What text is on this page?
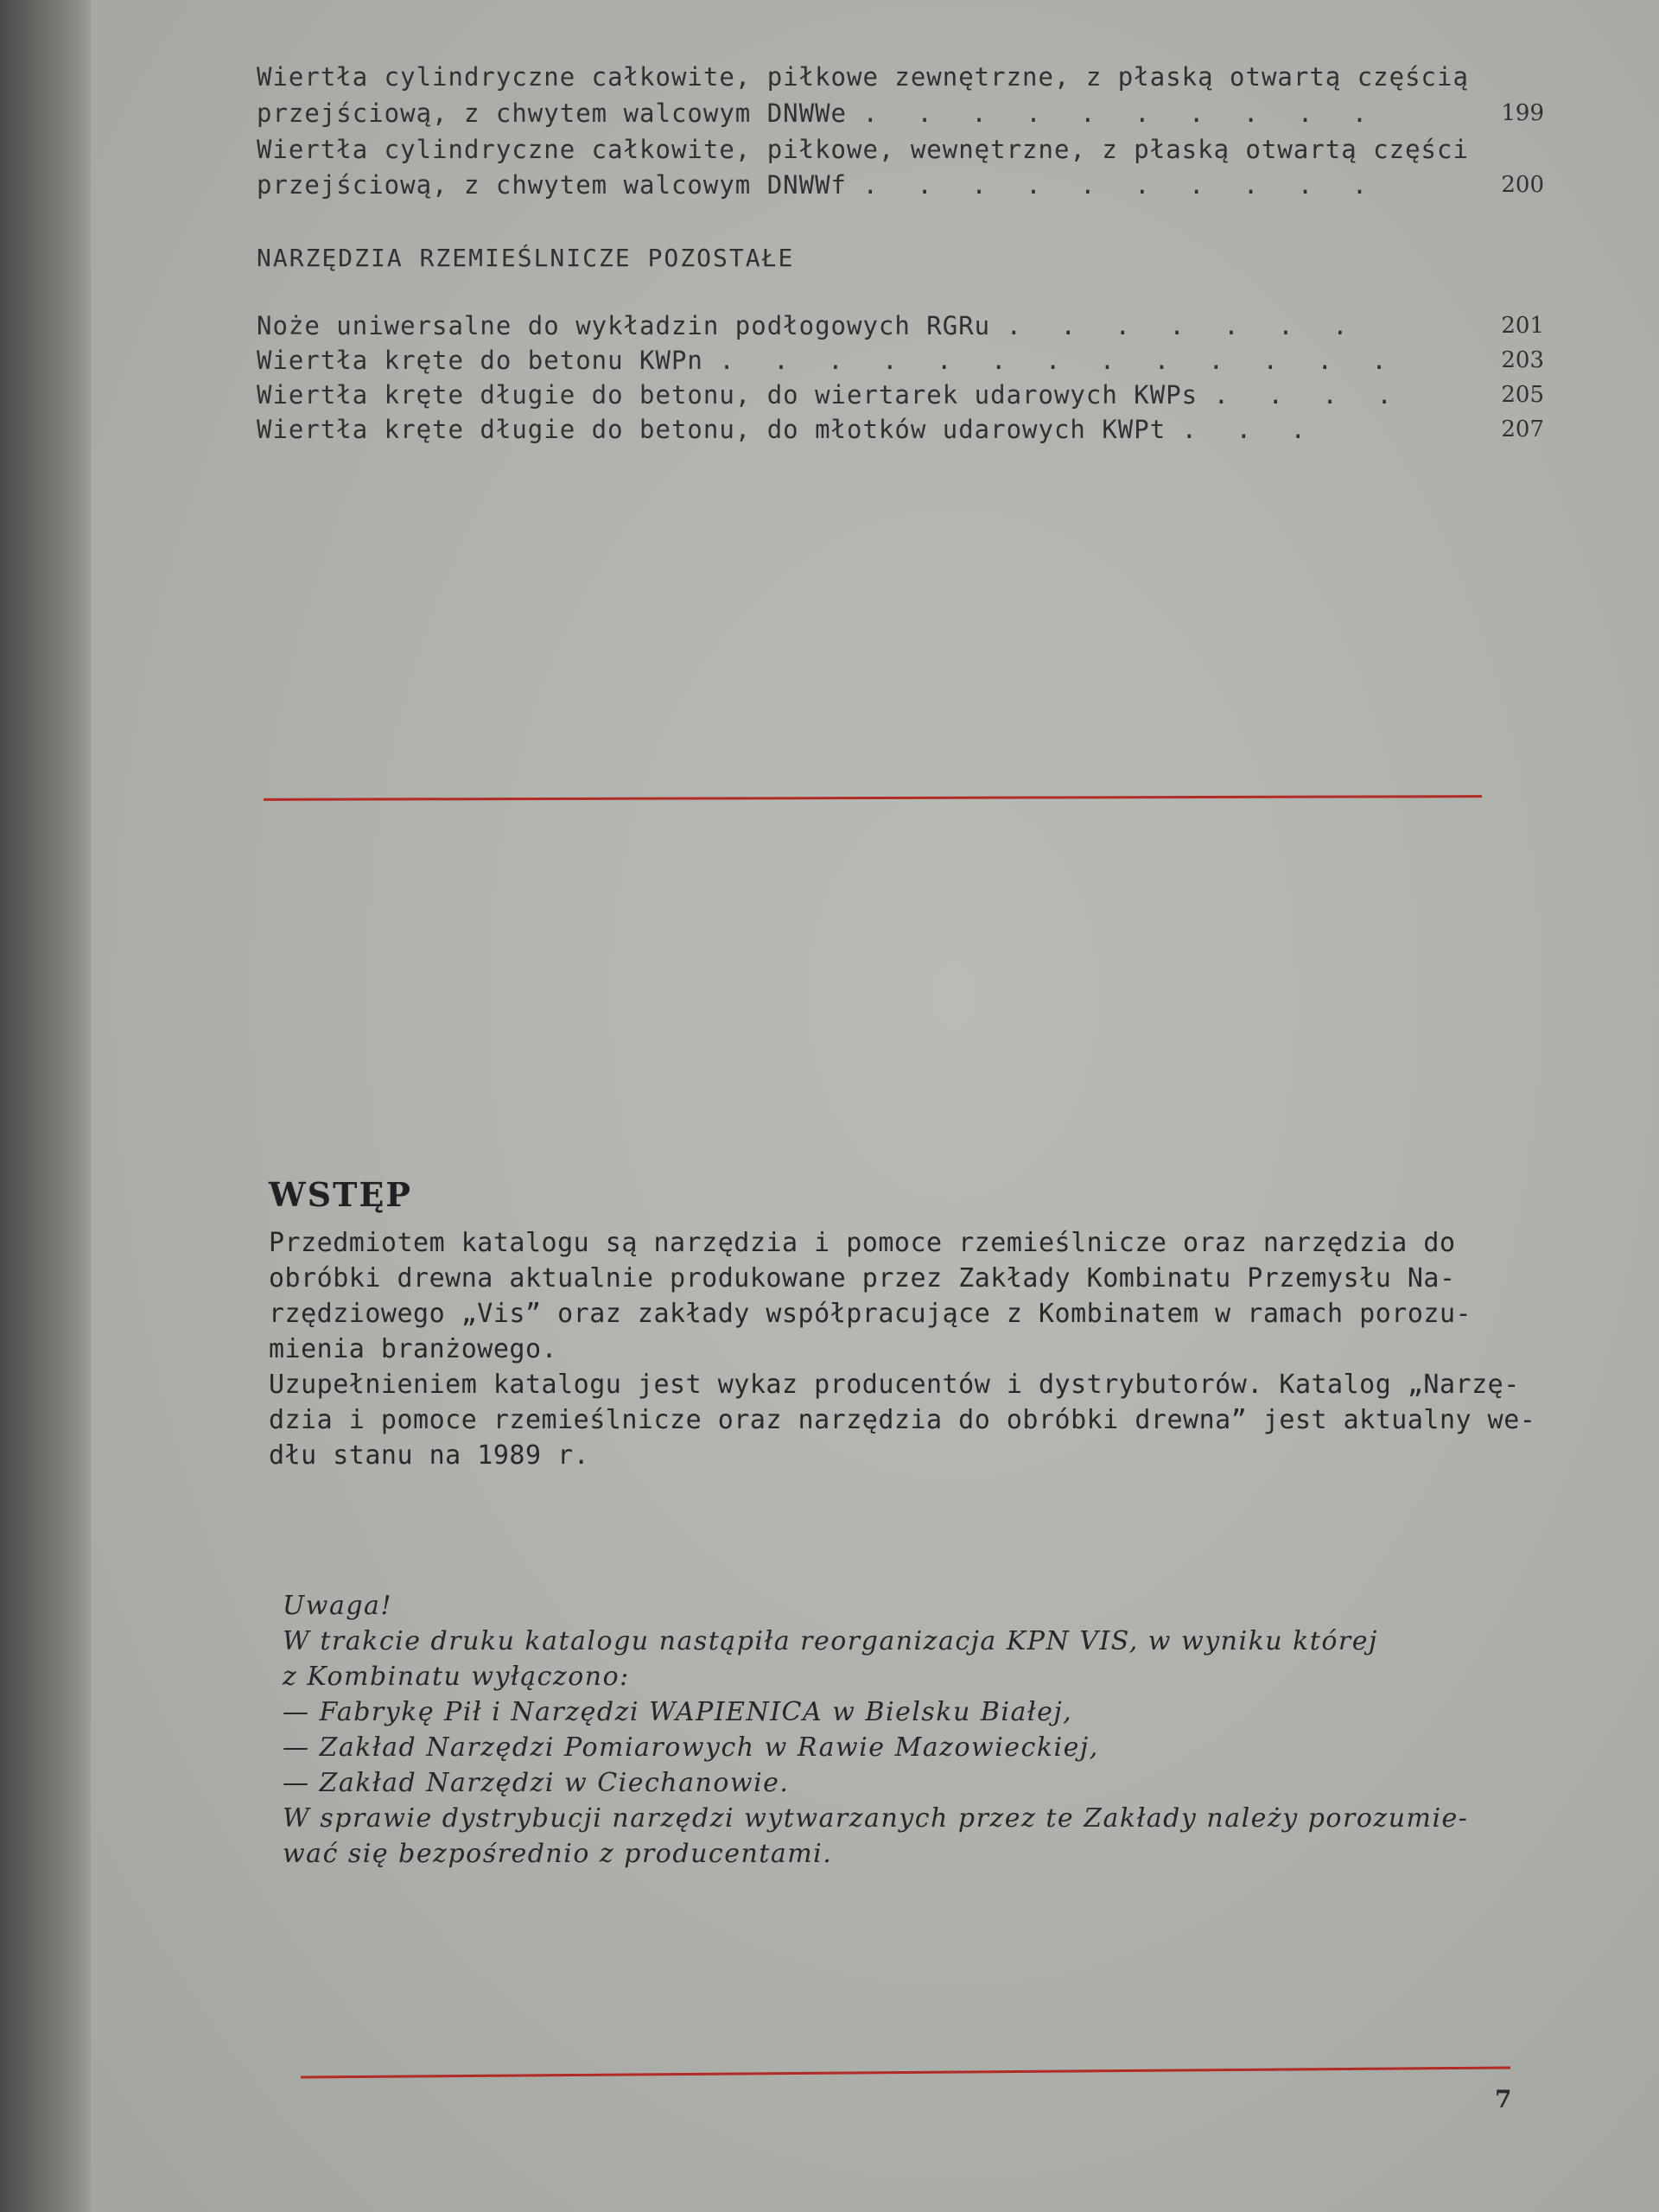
Wiertła cylindryczne całkowite, piłkowe zewnętrzne, z płaską otwartą częścią
przejściową, z chwytem walcowym DNWWe . . . . . . . . . .	199
Wiertła cylindryczne całkowite, piłkowe, wewnętrzne, z płaską otwartą części
przejściową, z chwytem walcowym DNWWf . . . . . . . . . .	200
NARZĘDZIA RZEMIEŚLNICZE POZOSTAŁE
Noże uniwersalne do wykładzin podłogowych RGRu . . . . . . .	201
Wiertła kręte do betonu KWPn . . . . . . . . . . . . .	203
Wiertła kręte długie do betonu, do wiertarek udarowych KWPs . . . .	205
Wiertła kręte długie do betonu, do młotków udarowych KWPt . . .	207
WSTĘP
Przedmiotem katalogu są narzędzia i pomoce rzemieślnicze oraz narzędzia do
obróbki drewna aktualnie produkowane przez Zakłady Kombinatu Przemysłu Na-
rzędziowego „Vis” oraz zakłady współpracujące z Kombinatem w ramach porozu-
mienia branżowego.
Uzupełnieniem katalogu jest wykaz producentów i dystrybutorów. Katalog „Narzę-
dzia i pomoce rzemieślnicze oraz narzędzia do obróbki drewna” jest aktualny we-
dłu stanu na 1989 r.
Uwaga!
W trakcie druku katalogu nastąpiła reorganizacja KPN VIS, w wyniku której
z Kombinatu wyłączono:
— Fabrykę Pił i Narzędzi WAPIENICA w Bielsku Białej,
— Zakład Narzędzi Pomiarowych w Rawie Mazowieckiej,
— Zakład Narzędzi w Ciechanowie.
W sprawie dystrybucji narzędzi wytwarzanych przez te Zakłady należy porozumie-
wać się bezpośrednio z producentami.
7
